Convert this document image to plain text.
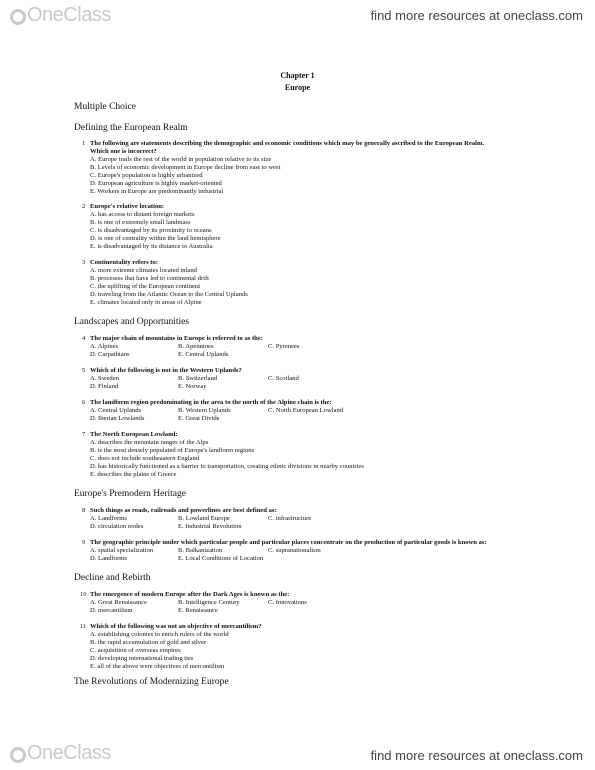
OneClass	find more resources at oneclass.com
Chapter 1
Europe
Multiple Choice
Defining the European Realm
1 The following are statements describing the demographic and economic conditions which may be generally ascribed to the European Realm.
Which one is incorrect?
A. Europe trails the rest of the world in population relative to its size
B. Levels of economic development in Europe decline from east to west
C. Europe's population is highly urbanized
D. European agriculture is highly market-oriented
E. Workers in Europe are predominantly industrial
2 Europe's relative location:
A. has access to distant foreign markets
B. is one of extremely small landmass
C. is disadvantaged by its proximity to oceans
D. is one of centrality within the land hemisphere
E. is disadvantaged by its distance to Australia
3 Continentality refers to:
A. more extreme climates located inland
B. processes that have led to continental drift
C. the uplifting of the European continent
D. traveling from the Atlantic Ocean to the Central Uplands
E. climates located only in areas of Alpine
Landscapes and Opportunities
4 The major chain of mountains in Europe is referred to as the:
A. Alpines	B. Apennines	C. Pyrenees
D. Carpathians	E. Central Uplands
5 Which of the following is not in the Western Uplands?
A. Sweden	B. Switzerland	C. Scotland
D. Finland	E. Norway
6 The landform region predominating in the area to the north of the Alpine chain is the:
A. Central Uplands	B. Western Uplands	C. North European Lowland
D. Iberian Lowlands	E. Great Divide
7 The North European Lowland:
A. describes the mountain ranges of the Alps
B. is the most densely populated of Europe's landform regions
C. does not include southeastern England
D. has historically functioned as a barrier to transportation, creating ethnic divisions in nearby countries
E. describes the plains of Greece
Europe's Premodern Heritage
8 Such things as roads, railroads and powerlines are best defined as:
A. Landforms	B. Lowland Europe	C. infrastructure
D. circulation nodes	E. Industrial Revolution
9 The geographic principle under which particular people and particular places concentrate on the production of particular goods is known as:
A. spatial specialization	B. Balkanization	C. supranationalism
D. Landforms	E. Local Conditions of Location
Decline and Rebirth
10 The emergence of modern Europe after the Dark Ages is known as the:
A. Great Renaissance	B. Intelligence Century	C. Innovations
D. mercantilism	E. Renaissance
11 Which of the following was not an objective of mercantilism?
A. establishing colonies to enrich rulers of the world
B. the rapid accumulation of gold and silver
C. acquisition of overseas empires
D. developing international trading ties
E. all of the above were objectives of mercantilism
The Revolutions of Modernizing Europe
OneClass	find more resources at oneclass.com
